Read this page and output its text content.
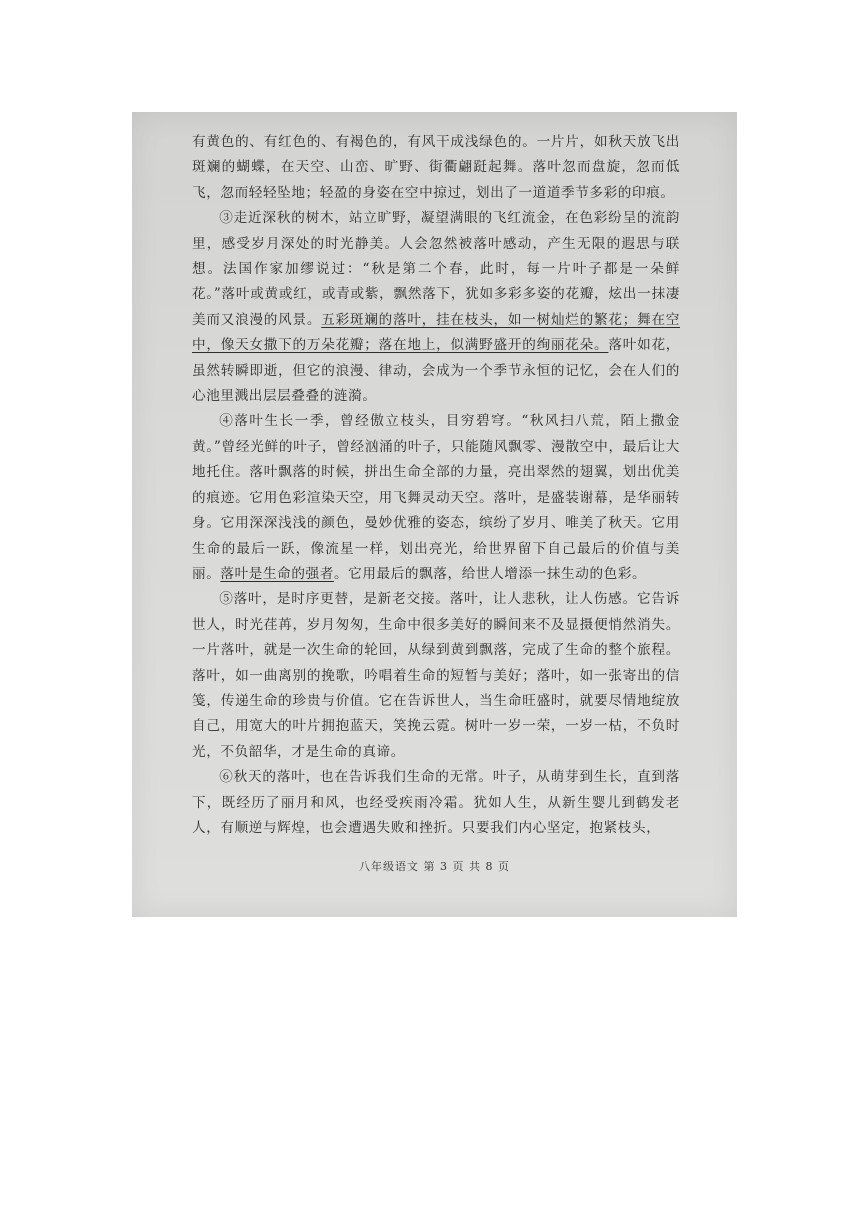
有黄色的、有红色的、有褐色的，有风干成浅绿色的。一片片，如秋天放飞出斑斓的蝴蝶，在天空、山峦、旷野、街衢翩跹起舞。落叶忽而盘旋，忽而低飞，忽而轻轻坠地；轻盈的身姿在空中掠过，划出了一道道季节多彩的印痕。

③走近深秋的树木，站立旷野，凝望满眼的飞红流金，在色彩纷呈的流韵里，感受岁月深处的时光静美。人会忽然被落叶感动，产生无限的遐思与联想。法国作家加缪说过：“秋是第二个春，此时，每一片叶子都是一朵鲜花。”落叶或黄或红，或青或紫，飘然落下，犹如多彩多姿的花瓣，炫出一抹凄美而又浪漫的风景。五彩斑斓的落叶，挂在枝头，如一树灿烂的繁花；舞在空中，像天女撒下的万朵花瓣；落在地上，似满野盛开的绚丽花朵。落叶如花，虽然转瞬即逝，但它的浪漫、律动，会成为一个季节永恒的记忆，会在人们的心池里溅出层层叠叠的涟漪。

④落叶生长一季，曾经傲立枝头，目穷碧穹。“秋风扫八荒，陌上撒金黄。”曾经光鲜的叶子，曾经汹涌的叶子，只能随风飘零、漫散空中，最后让大地托住。落叶飘落的时候，拼出生命全部的力量，亮出翠然的翅翼，划出优美的痕迹。它用色彩渲染天空，用飞舞灵动天空。落叶，是盛装谢幕，是华丽转身。它用深深浅浅的颜色，曼妙优雅的姿态，缤纷了岁月、唯美了秋天。它用生命的最后一跃，像流星一样，划出亮光，给世界留下自己最后的价值与美丽。落叶是生命的强者。它用最后的飘落，给世人增添一抹生动的色彩。

⑤落叶，是时序更替，是新老交接。落叶，让人悲秋，让人伤感。它告诉世人，时光荏苒，岁月匆匆，生命中很多美好的瞬间来不及显摄便悄然消失。一片落叶，就是一次生命的轮回，从绿到黄到飘落，完成了生命的整个旅程。落叶，如一曲离别的挽歌，吟唱着生命的短暂与美好；落叶，如一张寄出的信笺，传递生命的珍贵与价值。它在告诉世人，当生命旺盛时，就要尽情地绽放自己，用宽大的叶片拥抱蓝天，笑挽云霓。树叶一岁一荣，一岁一枯，不负时光，不负韶华，才是生命的真谛。

⑥秋天的落叶，也在告诉我们生命的无常。叶子，从萌芽到生长，直到落下，既经历了丽月和风，也经受疾雨冷霜。犹如人生，从新生婴儿到鹤发老人，有顺逆与辉煌，也会遭遇失败和挫折。只要我们内心坚定，抱紧枝头，

八年级语文 第 3 页 共 8 页
